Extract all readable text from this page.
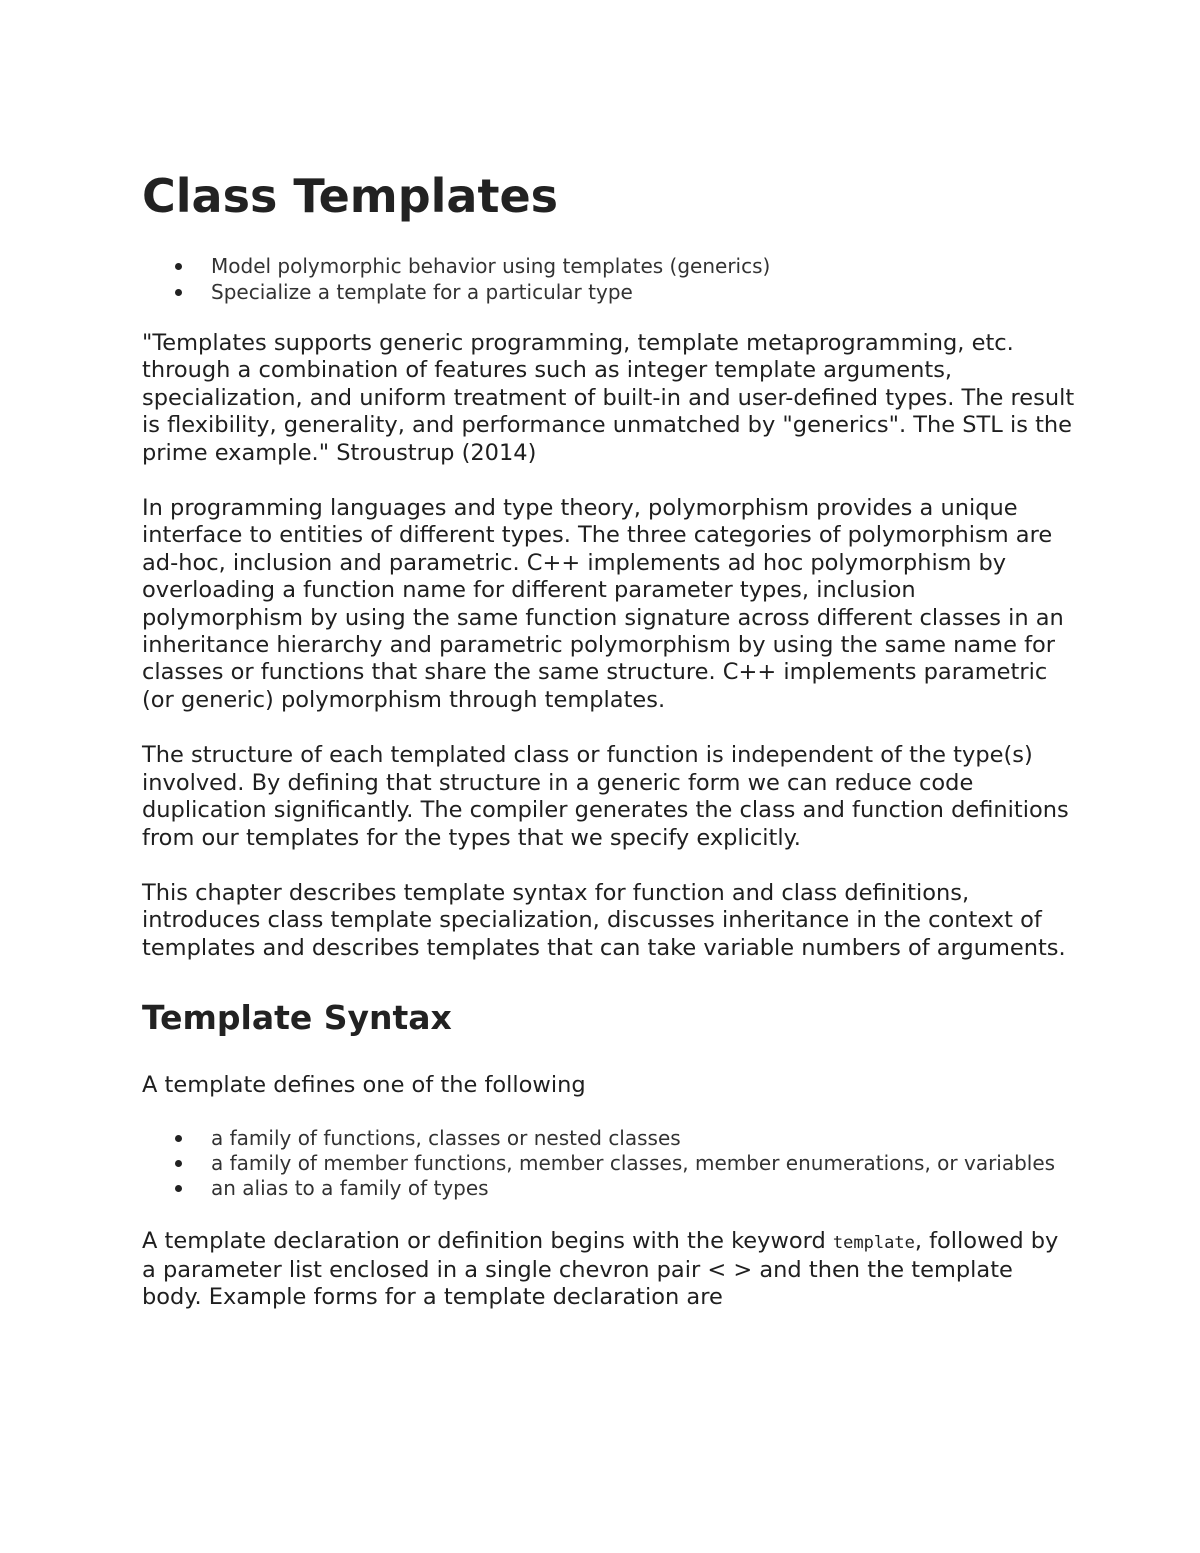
Class Templates
Model polymorphic behavior using templates (generics)
Specialize a template for a particular type

"Templates supports generic programming, template metaprogramming, etc. through a combination of features such as integer template arguments, specialization, and uniform treatment of built-in and user-defined types. The result is flexibility, generality, and performance unmatched by "generics". The STL is the prime example." Stroustrup (2014)

In programming languages and type theory, polymorphism provides a unique interface to entities of different types. The three categories of polymorphism are ad-hoc, inclusion and parametric. C++ implements ad hoc polymorphism by overloading a function name for different parameter types, inclusion polymorphism by using the same function signature across different classes in an inheritance hierarchy and parametric polymorphism by using the same name for classes or functions that share the same structure. C++ implements parametric (or generic) polymorphism through templates.

The structure of each templated class or function is independent of the type(s) involved. By defining that structure in a generic form we can reduce code duplication significantly. The compiler generates the class and function definitions from our templates for the types that we specify explicitly.

This chapter describes template syntax for function and class definitions, introduces class template specialization, discusses inheritance in the context of templates and describes templates that can take variable numbers of arguments.

Template Syntax

A template defines one of the following

a family of functions, classes or nested classes
a family of member functions, member classes, member enumerations, or variables
an alias to a family of types

A template declaration or definition begins with the keyword template, followed by a parameter list enclosed in a single chevron pair < > and then the template body. Example forms for a template declaration are
